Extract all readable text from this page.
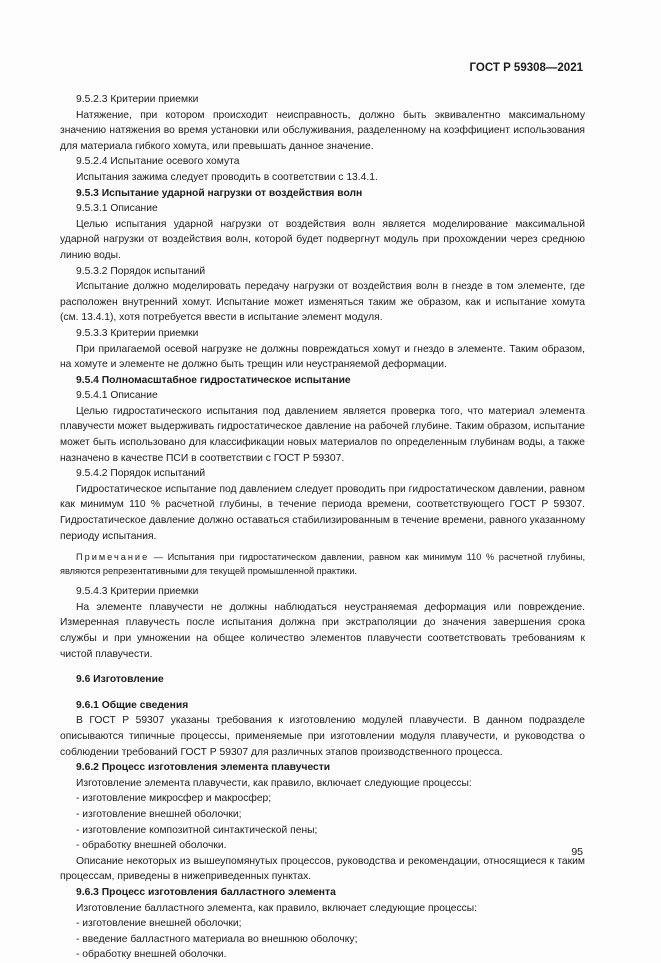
ГОСТ Р 59308—2021

9.5.2.3 Критерии приемки

Натяжение, при котором происходит неисправность, должно быть эквивалентно максимальному значению натяжения во время установки или обслуживания, разделенному на коэффициент использования для материала гибкого хомута, или превышать данное значение.

9.5.2.4 Испытание осевого хомута

Испытания зажима следует проводить в соответствии с 13.4.1.

9.5.3 Испытание ударной нагрузки от воздействия волн

9.5.3.1 Описание

Целью испытания ударной нагрузки от воздействия волн является моделирование максимальной ударной нагрузки от воздействия волн, которой будет подвергнут модуль при прохождении через среднюю линию воды.

9.5.3.2 Порядок испытаний

Испытание должно моделировать передачу нагрузки от воздействия волн в гнезде в том элементе, где расположен внутренний хомут. Испытание может изменяться таким же образом, как и испытание хомута (см. 13.4.1), хотя потребуется ввести в испытание элемент модуля.

9.5.3.3 Критерии приемки

При прилагаемой осевой нагрузке не должны повреждаться хомут и гнездо в элементе. Таким образом, на хомуте и элементе не должно быть трещин или неустраняемой деформации.

9.5.4 Полномасштабное гидростатическое испытание

9.5.4.1 Описание

Целью гидростатического испытания под давлением является проверка того, что материал элемента плавучести может выдерживать гидростатическое давление на рабочей глубине. Таким образом, испытание может быть использовано для классификации новых материалов по определенным глубинам воды, а также назначено в качестве ПСИ в соответствии с ГОСТ Р 59307.

9.5.4.2 Порядок испытаний

Гидростатическое испытание под давлением следует проводить при гидростатическом давлении, равном как минимум 110 % расчетной глубины, в течение периода времени, соответствующего ГОСТ Р 59307. Гидростатическое давление должно оставаться стабилизированным в течение времени, равного указанному периоду испытания.

Примечание — Испытания при гидростатическом давлении, равном как минимум 110 % расчетной глубины, являются репрезентативными для текущей промышленной практики.

9.5.4.3 Критерии приемки

На элементе плавучести не должны наблюдаться неустраняемая деформация или повреждение. Измеренная плавучесть после испытания должна при экстраполяции до значения завершения срока службы и при умножении на общее количество элементов плавучести соответствовать требованиям к чистой плавучести.

9.6 Изготовление

9.6.1 Общие сведения

В ГОСТ Р 59307 указаны требования к изготовлению модулей плавучести. В данном подразделе описываются типичные процессы, применяемые при изготовлении модуля плавучести, и руководства о соблюдении требований ГОСТ Р 59307 для различных этапов производственного процесса.

9.6.2 Процесс изготовления элемента плавучести

Изготовление элемента плавучести, как правило, включает следующие процессы:

- изготовление микросфер и макросфер;

- изготовление внешней оболочки;

- изготовление композитной синтактической пены;

- обработку внешней оболочки.

Описание некоторых из вышеупомянутых процессов, руководства и рекомендации, относящиеся к таким процессам, приведены в нижеприведенных пунктах.

9.6.3 Процесс изготовления балластного элемента

Изготовление балластного элемента, как правило, включает следующие процессы:

- изготовление внешней оболочки;

- введение балластного материала во внешнюю оболочку;

- обработку внешней оболочки.

95
